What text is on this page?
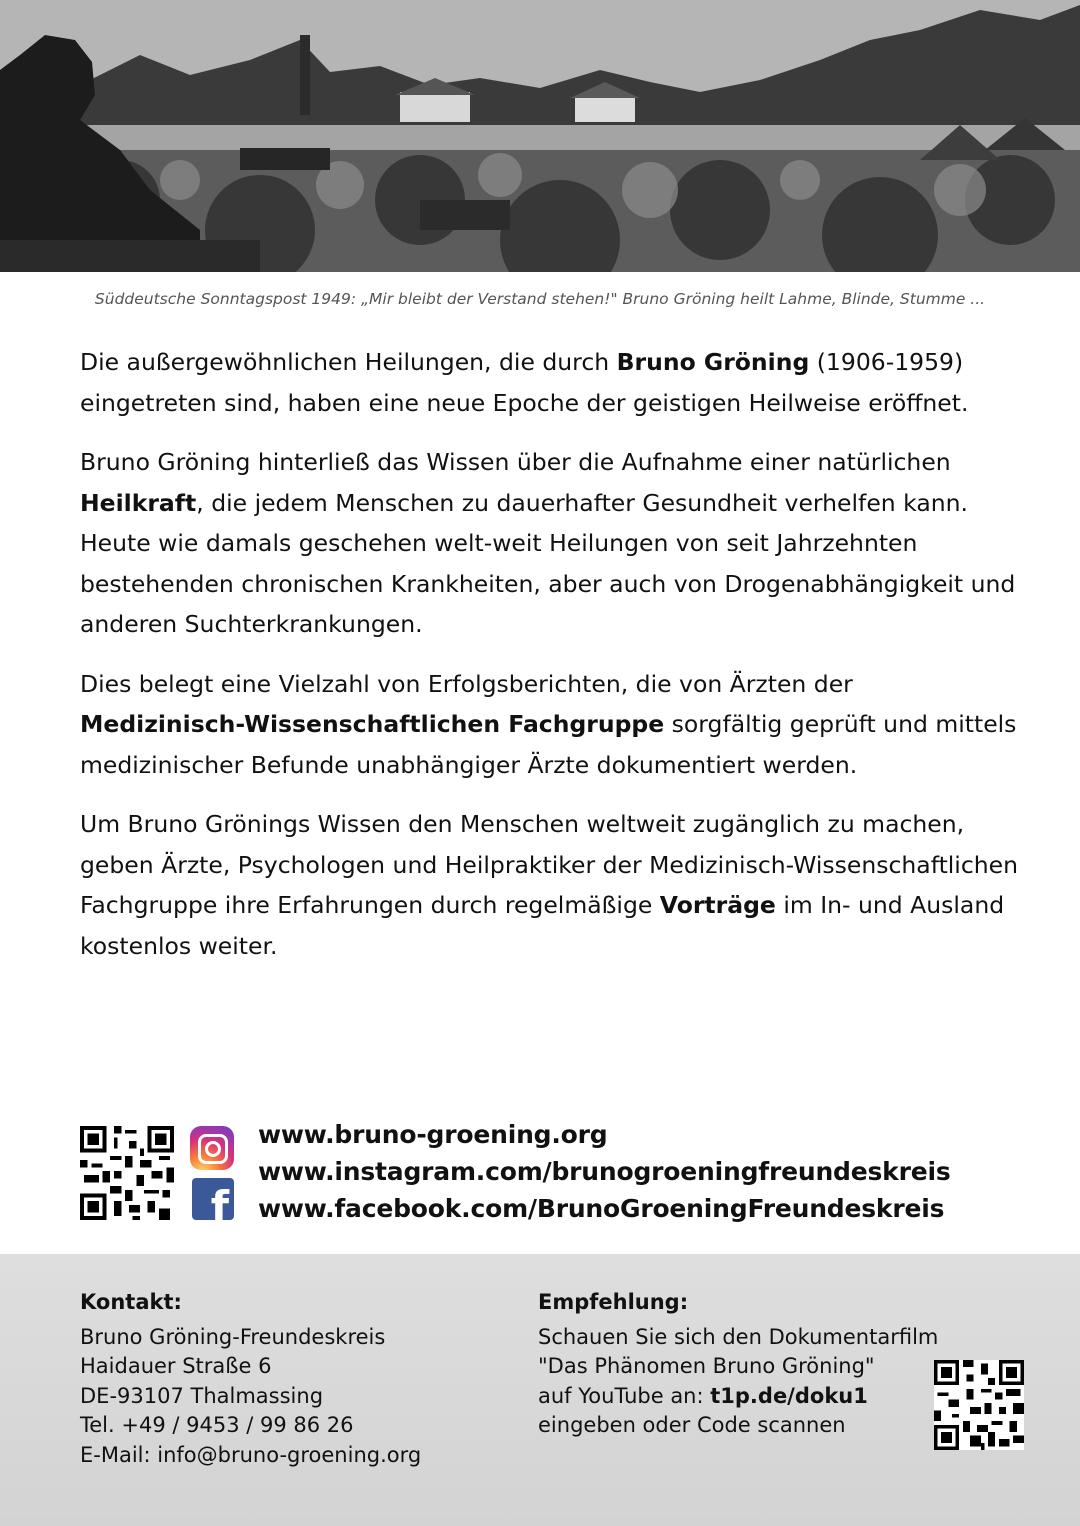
Süddeutsche Sonntagspost 1949: „Mir bleibt der Verstand stehen!" Bruno Gröning heilt Lahme, Blinde, Stumme ...

Die außergewöhnlichen Heilungen, die durch Bruno Gröning (1906-1959) eingetreten sind, haben eine neue Epoche der geistigen Heilweise eröffnet.

Bruno Gröning hinterließ das Wissen über die Aufnahme einer natürlichen Heilkraft, die jedem Menschen zu dauerhafter Gesundheit verhelfen kann. Heute wie damals geschehen welt-weit Heilungen von seit Jahrzehnten bestehenden chronischen Krankheiten, aber auch von Drogenabhängigkeit und anderen Suchterkrankungen.

Dies belegt eine Vielzahl von Erfolgsberichten, die von Ärzten der Medizinisch-Wissenschaftlichen Fachgruppe sorgfältig geprüft und mittels medizinischer Befunde unabhängiger Ärzte dokumentiert werden.

Um Bruno Grönings Wissen den Menschen weltweit zugänglich zu machen, geben Ärzte, Psychologen und Heilpraktiker der Medizinisch-Wissenschaftlichen Fachgruppe ihre Erfahrungen durch regelmäßige Vorträge im In- und Ausland kostenlos weiter.

f
www.bruno-groening.org
www.instagram.com/brunogroeningfreundeskreis
www.facebook.com/BrunoGroeningFreundeskreis
Kontakt:
Bruno Gröning-Freundeskreis
Haidauer Straße 6
DE-93107 Thalmassing
Tel. +49 / 9453 / 99 86 26
E-Mail: info@bruno-groening.org
Empfehlung:
Schauen Sie sich den Dokumentarfilm
"Das Phänomen Bruno Gröning"
auf YouTube an: t1p.de/doku1
eingeben oder Code scannen
